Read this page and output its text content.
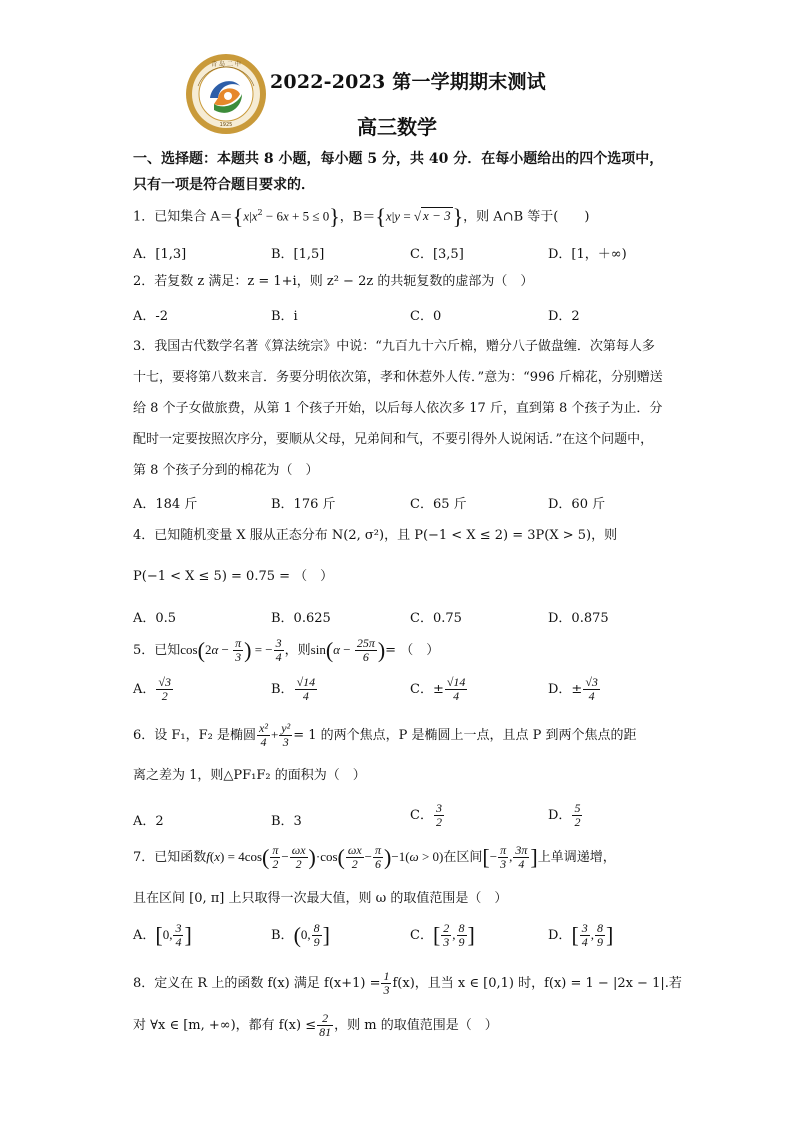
1925
青 岛 二 中
2022-2023 第一学期期末测试
高三数学
一、选择题：本题共 8 小题，每小题 5 分，共 40 分．在每小题给出的四个选项中，只有一项是符合题目要求的．
1．已知集合 $A=\{x|x^2 - 6x + 5 \le 0\}$，B＝{x|y = √ x − 3}，则 A∩B 等于(　　)
A．[1,3]	B．[1,5]	C．[3,5]	D．[1，＋∞)
2．若复数 z 满足：z = 1+i，则 z² − 2z 的共轭复数的虚部为（　）
A．-2	B．i	C．0	D．2
3．我国古代数学名著《算法统宗》中说：“九百九十六斤棉，赠分八子做盘缠．次第每人多十七，要将第八数来言．务要分明依次第，孝和休惹外人传．”意为：“996 斤棉花，分别赠送给 8 个子女做旅费，从第 1 个孩子开始，以后每人依次多 17 斤，直到第 8 个孩子为止．分配时一定要按照次序分，要顺从父母，兄弟间和气，不要引得外人说闲话．”在这个问题中，第 8 个孩子分到的棉花为（　）
A．184 斤	B．176 斤	C．65 斤	D．60 斤
4．已知随机变量 X 服从正态分布 N(2, σ²)，且 P(−1 < X ≤ 2) = 3P(X > 5)，则
P(−1 < X ≤ 5) = 0.75 = （　）
A．0.5	B．0.625	C．0.75	D．0.875
5．已知$\cos(2\alpha - \frac{\pi}{3}$ ) = − $\frac{3}{4}$ ，则$\sin(\alpha - \frac{25\pi}{6}$ )= （　）
A． $\frac{√3}{2}$	B． $\frac{√14}{4}$	C．± $\frac{√14}{4}$	D．± $\frac{√3}{4}$
6．设 F₁，F₂ 是椭圆 $\frac{\text{x²}}{4} + \frac{\text{y²}}{3} = 1$ 的两个焦点，P 是椭圆上一点，且点 P 到两个焦点的距
离之差为 1，则△PF₁F₂ 的面积为（　）
A．2	B．3	C． $\frac{3}{2}$	D． $\frac{5}{2}$
7．已知函数$f(x) = 4\cos( \frac{\pi}{2} - \frac{\omega x}{2} )\cdot\cos( \frac{\omega x}{2} - \frac{\pi}{6} )-1(\omega > 0)$在区间[− $\frac{\pi}{3}$ , $\frac{3\pi}{4}$ ]上单调递增，
且在区间 [0, π] 上只取得一次最大值，则 ω 的取值范围是（　）
A．[0, $\frac{3}{4}$ ]	B．(0, $\frac{8}{9}$ ]	C．[ $\frac{2}{3}$ , $\frac{8}{9}$ ]	D．[ $\frac{3}{4}$ , $\frac{8}{9}$ ]
8．定义在 R 上的函数 f(x) 满足 $f(x+1) = \frac{1}{3} f(x)$，且当 x ∈ [0,1) 时，f(x) = 1 − |2x − 1|.若
对 ∀x ∈ [m, +∞)，都有 $f(x) \le \frac{2}{81}$ ，则 m 的取值范围是（　）
